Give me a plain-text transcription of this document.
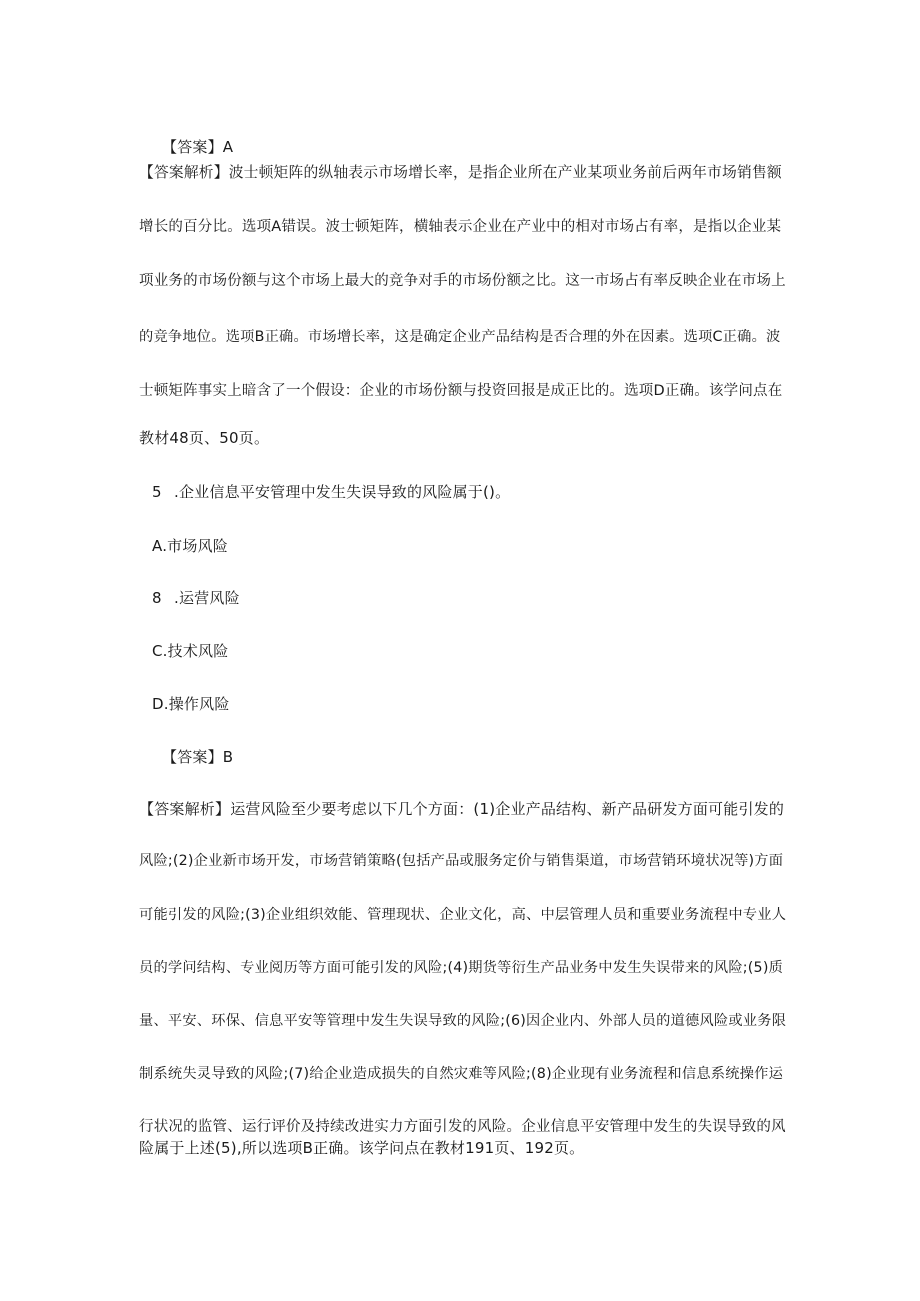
【答案】A
【答案解析】波士顿矩阵的纵轴表示市场增长率，是指企业所在产业某项业务前后两年市场销售额
增长的百分比。选项A错误。波士顿矩阵，横轴表示企业在产业中的相对市场占有率，是指以企业某
项业务的市场份额与这个市场上最大的竞争对手的市场份额之比。这一市场占有率反映企业在市场上
的竞争地位。选项B正确。市场增长率，这是确定企业产品结构是否合理的外在因素。选项C正确。波
士顿矩阵事实上暗含了一个假设：企业的市场份额与投资回报是成正比的。选项D正确。该学问点在
教材48页、50页。
5 .企业信息平安管理中发生失误导致的风险属于()。
A.市场风险
8 .运营风险
C.技术风险
D.操作风险
【答案】B
【答案解析】运营风险至少要考虑以下几个方面：(1)企业产品结构、新产品研发方面可能引发的
风险;(2)企业新市场开发，市场营销策略(包括产品或服务定价与销售渠道，市场营销环境状况等)方面
可能引发的风险;(3)企业组织效能、管理现状、企业文化，高、中层管理人员和重要业务流程中专业人
员的学问结构、专业阅历等方面可能引发的风险;(4)期货等衍生产品业务中发生失误带来的风险;(5)质
量、平安、环保、信息平安等管理中发生失误导致的风险;(6)因企业内、外部人员的道德风险或业务限
制系统失灵导致的风险;(7)给企业造成损失的自然灾难等风险;(8)企业现有业务流程和信息系统操作运
行状况的监管、运行评价及持续改进实力方面引发的风险。企业信息平安管理中发生的失误导致的风
险属于上述(5),所以选项B正确。该学问点在教材191页、192页。
